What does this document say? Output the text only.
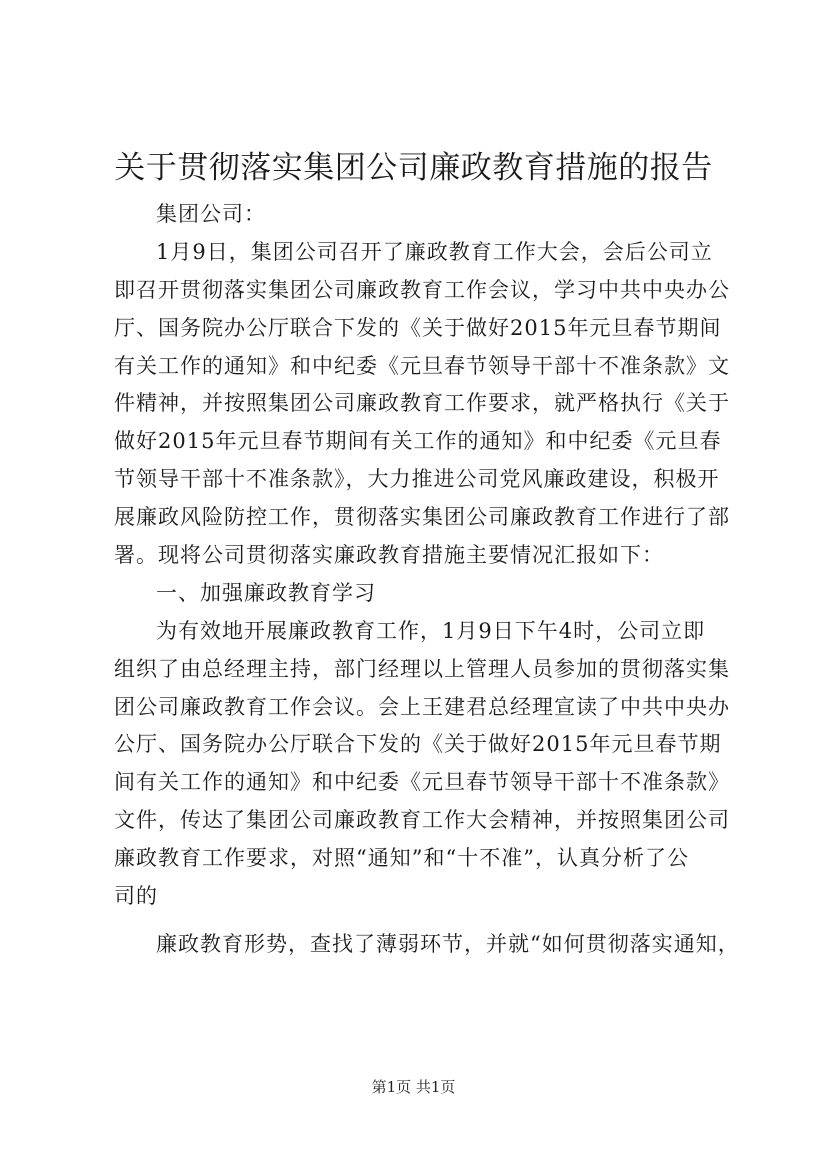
关于贯彻落实集团公司廉政教育措施的报告
集团公司：
1月9日，集团公司召开了廉政教育工作大会，会后公司立
即召开贯彻落实集团公司廉政教育工作会议，学习中共中央办公
厅、国务院办公厅联合下发的《关于做好2015年元旦春节期间
有关工作的通知》和中纪委《元旦春节领导干部十不准条款》文
件精神，并按照集团公司廉政教育工作要求，就严格执行《关于
做好2015年元旦春节期间有关工作的通知》和中纪委《元旦春
节领导干部十不准条款》，大力推进公司党风廉政建设，积极开
展廉政风险防控工作，贯彻落实集团公司廉政教育工作进行了部
署。现将公司贯彻落实廉政教育措施主要情况汇报如下：
一、加强廉政教育学习
为有效地开展廉政教育工作，1月9日下午4时，公司立即
组织了由总经理主持，部门经理以上管理人员参加的贯彻落实集
团公司廉政教育工作会议。会上王建君总经理宣读了中共中央办
公厅、国务院办公厅联合下发的《关于做好2015年元旦春节期
间有关工作的通知》和中纪委《元旦春节领导干部十不准条款》
文件，传达了集团公司廉政教育工作大会精神，并按照集团公司
廉政教育工作要求，对照“通知”和“十不准”，认真分析了公
司的
廉政教育形势，查找了薄弱环节，并就“如何贯彻落实通知，
第1页 共1页
